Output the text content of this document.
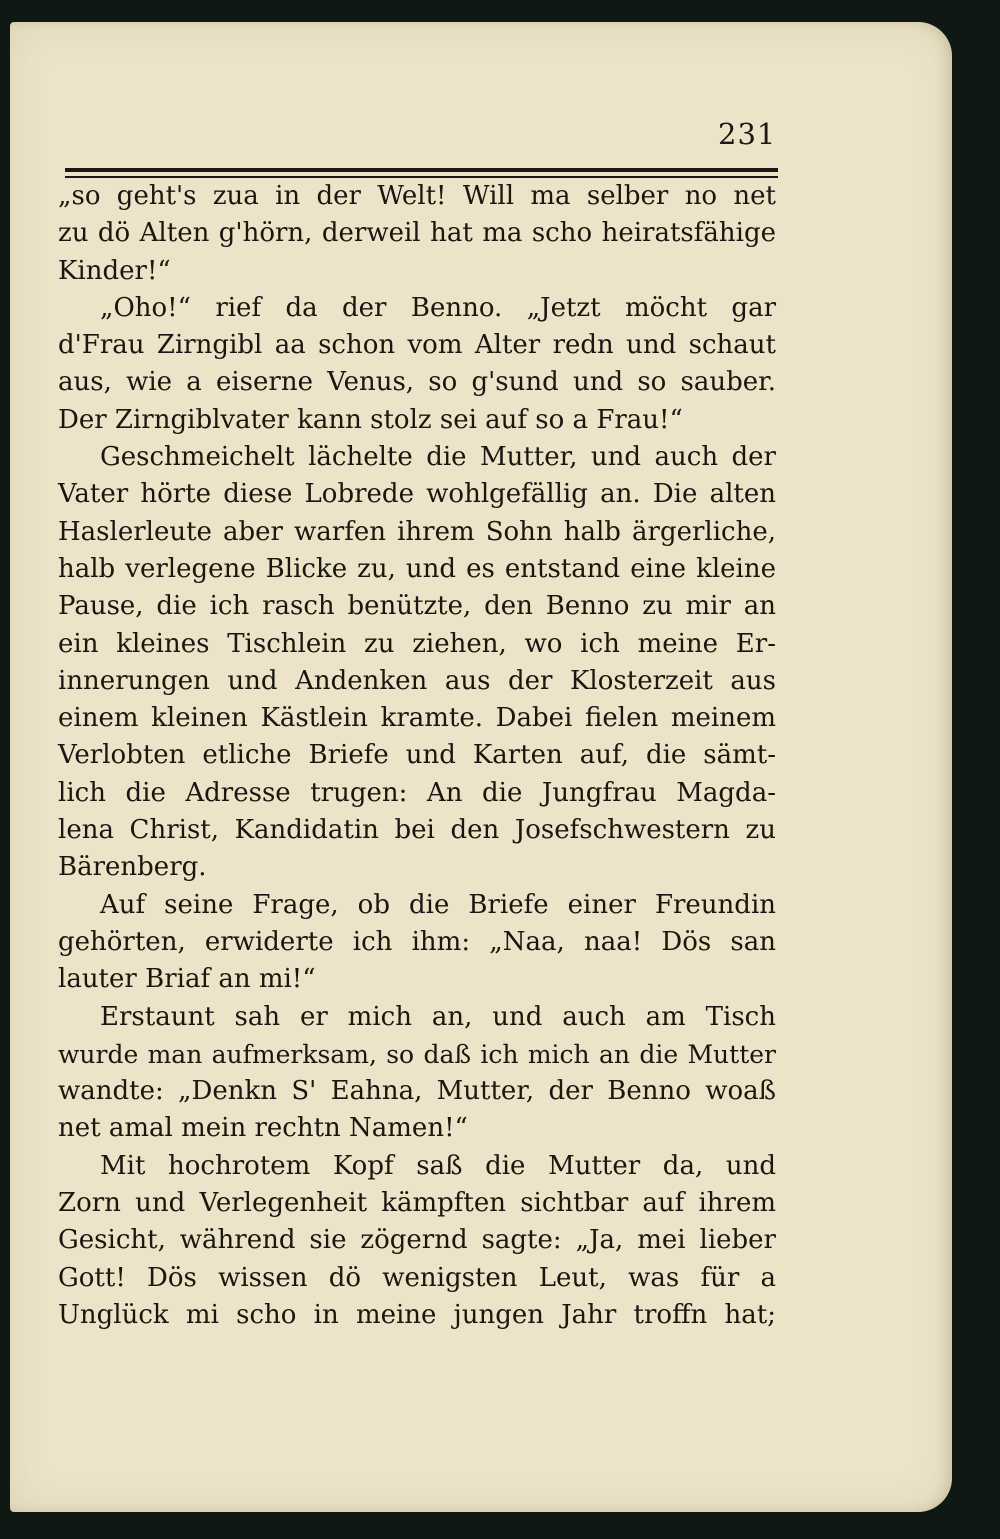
231
„so geht's zua in der Welt! Will ma selber no net
zu dö Alten g'hörn, derweil hat ma scho heiratsfähige
Kinder!“
„Oho!“ rief da der Benno. „Jetzt möcht gar
d'Frau Zirngibl aa schon vom Alter redn und schaut
aus, wie a eiserne Venus, so g'sund und so sauber.
Der Zirngiblvater kann stolz sei auf so a Frau!“
Geschmeichelt lächelte die Mutter, und auch der
Vater hörte diese Lobrede wohlgefällig an. Die alten
Haslerleute aber warfen ihrem Sohn halb ärgerliche,
halb verlegene Blicke zu, und es entstand eine kleine
Pause, die ich rasch benützte, den Benno zu mir an
ein kleines Tischlein zu ziehen, wo ich meine Er-
innerungen und Andenken aus der Klosterzeit aus
einem kleinen Kästlein kramte. Dabei fielen meinem
Verlobten etliche Briefe und Karten auf, die sämt-
lich die Adresse trugen: An die Jungfrau Magda-
lena Christ, Kandidatin bei den Josefschwestern zu
Bärenberg.
Auf seine Frage, ob die Briefe einer Freundin
gehörten, erwiderte ich ihm: „Naa, naa! Dös san
lauter Briaf an mi!“
Erstaunt sah er mich an, und auch am Tisch
wurde man aufmerksam, so daß ich mich an die Mutter
wandte: „Denkn S' Eahna, Mutter, der Benno woaß
net amal mein rechtn Namen!“
Mit hochrotem Kopf saß die Mutter da, und
Zorn und Verlegenheit kämpften sichtbar auf ihrem
Gesicht, während sie zögernd sagte: „Ja, mei lieber
Gott! Dös wissen dö wenigsten Leut, was für a
Unglück mi scho in meine jungen Jahr troffn hat;
